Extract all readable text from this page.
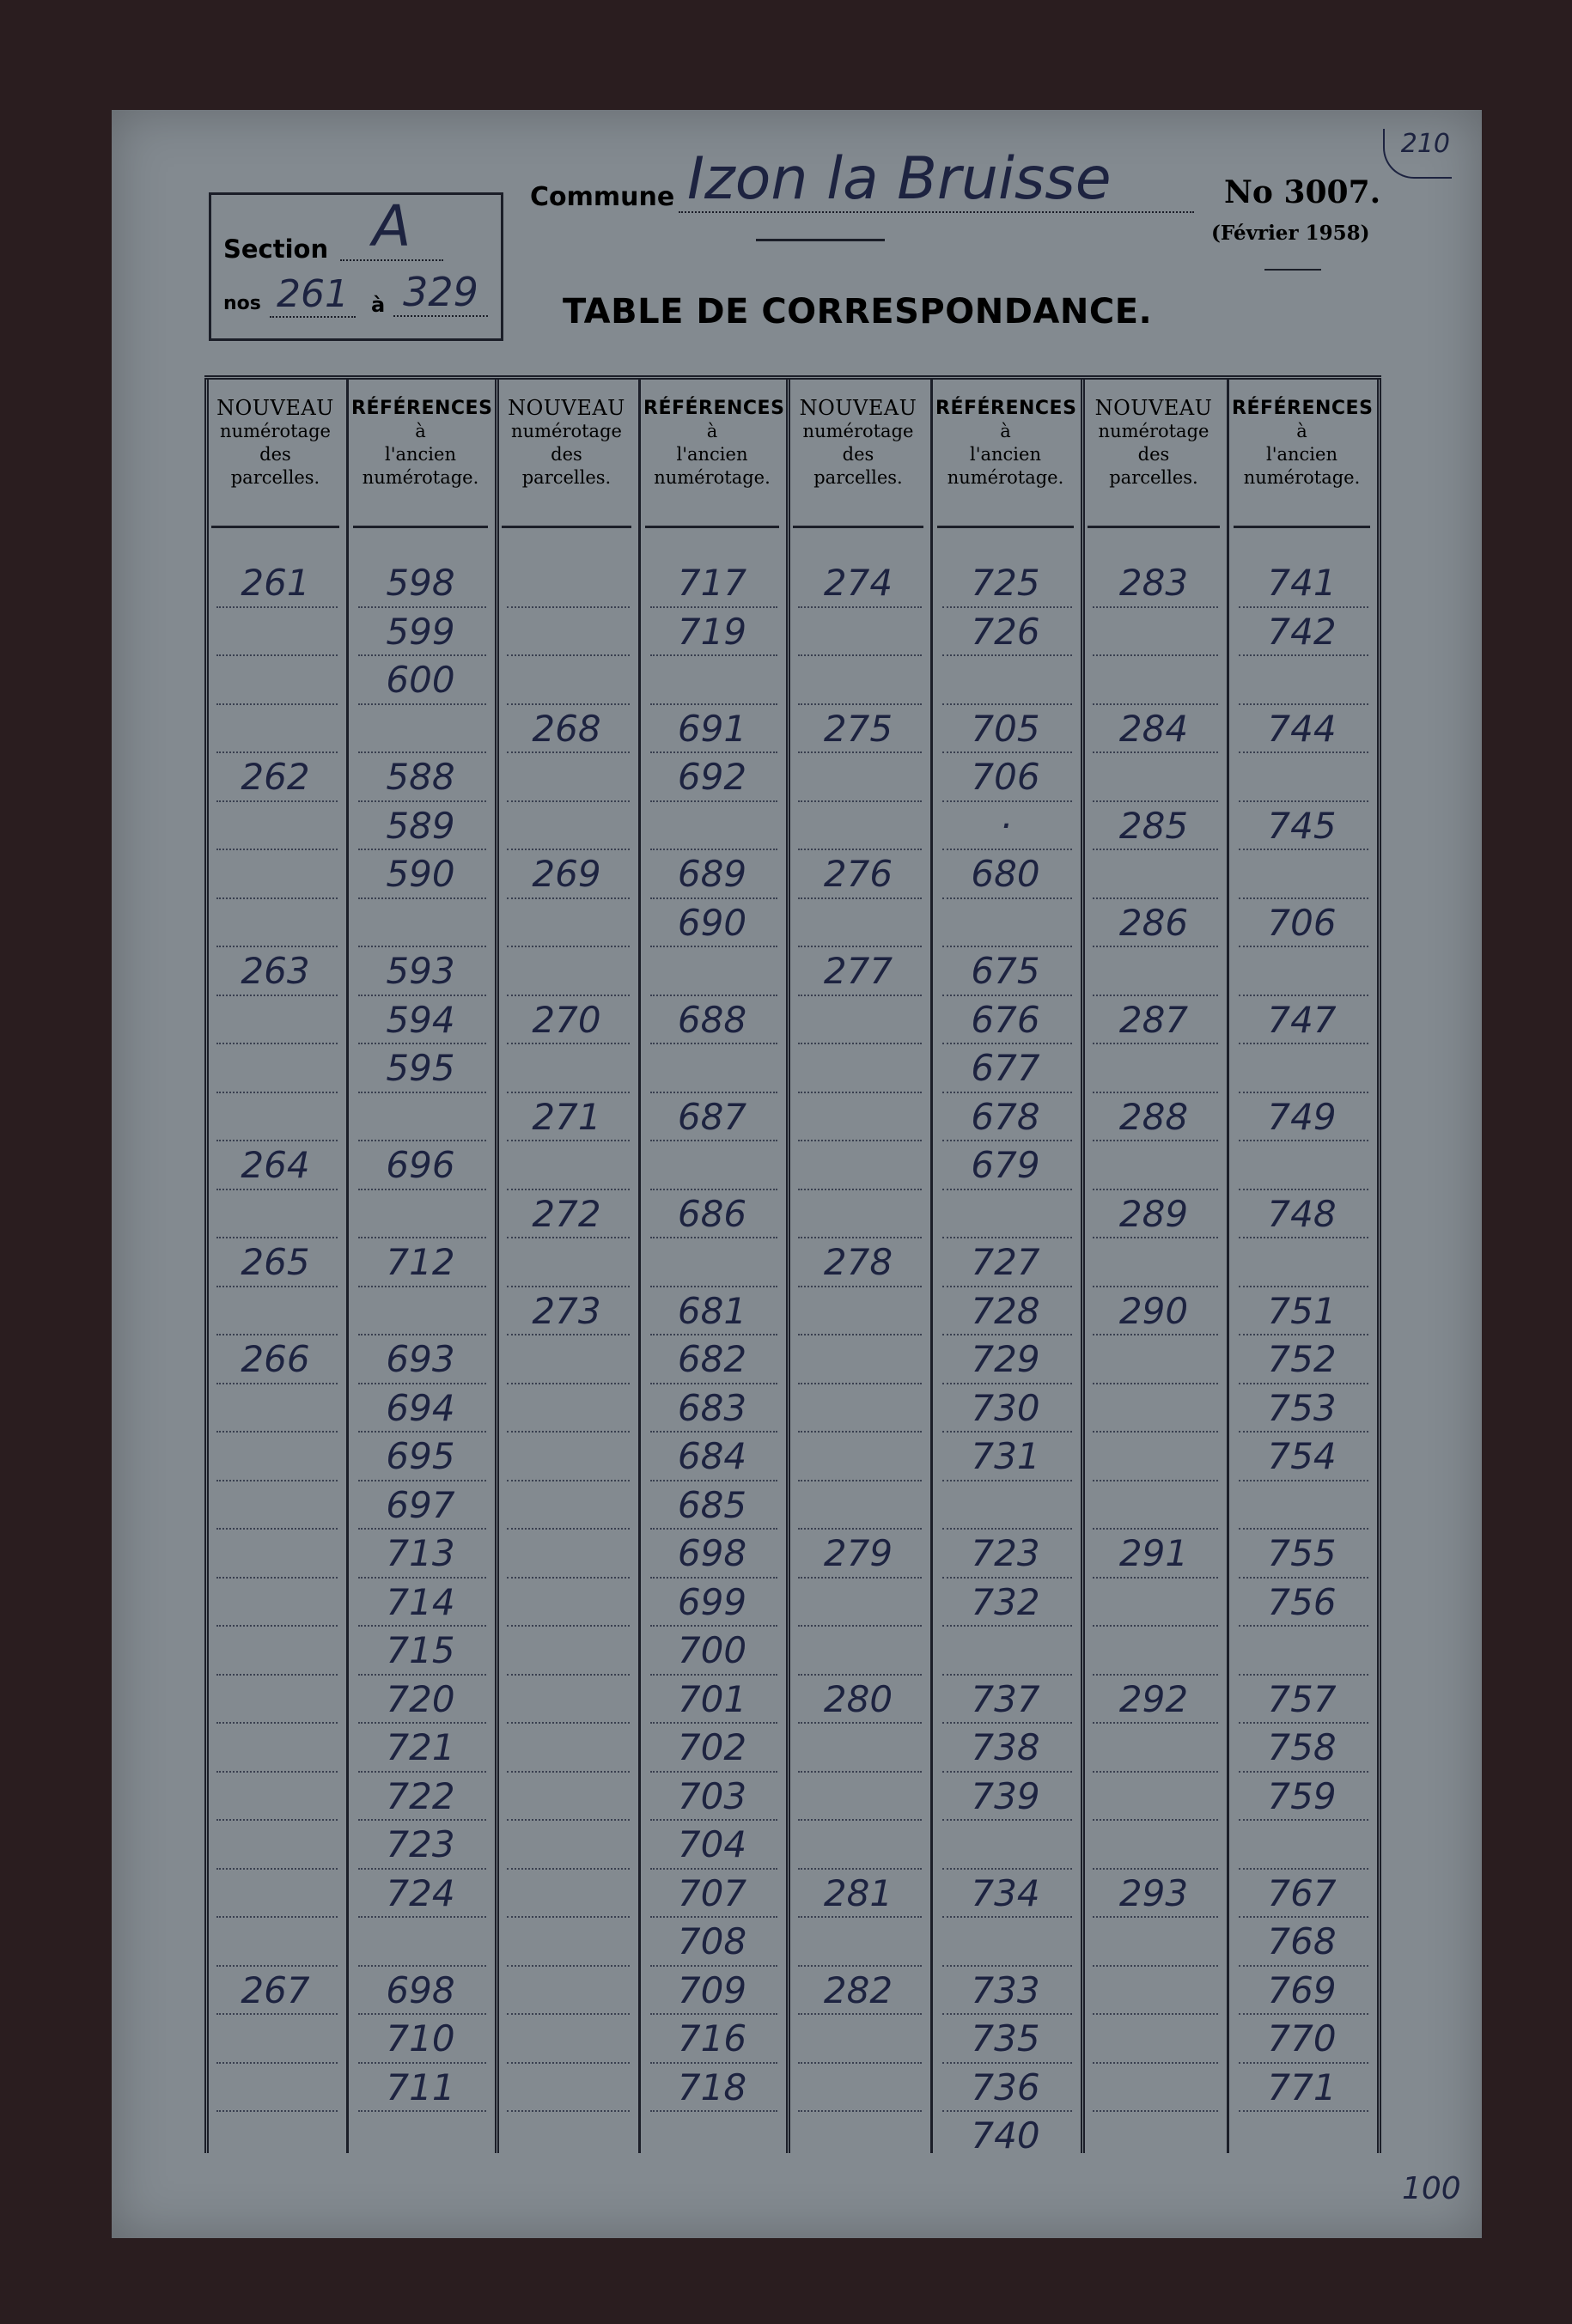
210
Section A
nos 261	à 329
Commune Izon la Bruisse	No 3007.
(Février 1958)
TABLE DE CORRESPONDANCE.
NOUVEAU
numérotage
des
parcelles.
RÉFÉRENCES
à
l'ancien
numérotage.
261
262
263
264
265
266
267
598
599
600
588
589
590
593
594
595
696
712
693
694
695
697
713
714
715
720
721
722
723
724
698
710
711
NOUVEAU
numérotage
des
parcelles.
RÉFÉRENCES
à
l'ancien
numérotage.
268
269
270
271
272
273
717
719
691
692
689
690
688
687
686
681
682
683
684
685
698
699
700
701
702
703
704
707
708
709
716
718
NOUVEAU
numérotage
des
parcelles.
RÉFÉRENCES
à
l'ancien
numérotage.
274
275
276
277
278
279
280
281
282
725
726
705
706
·
680
675
676
677
678
679
727
728
729
730
731
723
732
737
738
739
734
733
735
736
740
NOUVEAU
numérotage
des
parcelles.
RÉFÉRENCES
à
l'ancien
numérotage.
283
284
285
286
287
288
289
290
291
292
293
741
742
744
745
706
747
749
748
751
752
753
754
755
756
757
758
759
767
768
769
770
771
100
